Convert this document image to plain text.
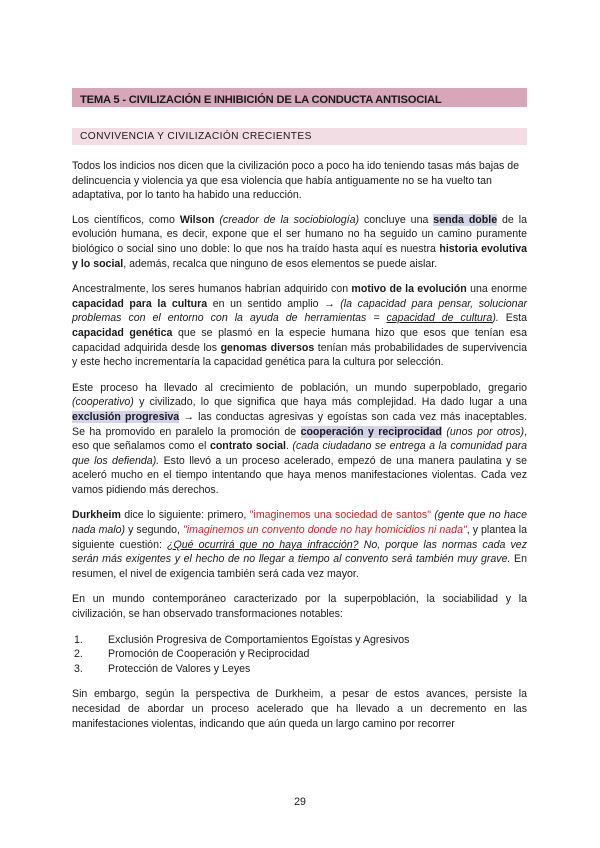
TEMA 5 - CIVILIZACIÓN E INHIBICIÓN DE LA CONDUCTA ANTISOCIAL
CONVIVENCIA Y CIVILIZACIÓN CRECIENTES

Todos los indicios nos dicen que la civilización poco a poco ha ido teniendo tasas más bajas de delincuencia y violencia ya que esa violencia que había antiguamente no se ha vuelto tan adaptativa, por lo tanto ha habido una reducción.

Los científicos, como Wilson (creador de la sociobiología) concluye una senda doble de la evolución humana, es decir, expone que el ser humano no ha seguido un camino puramente biológico o social sino uno doble: lo que nos ha traído hasta aquí es nuestra historia evolutiva y lo social, además, recalca que ninguno de esos elementos se puede aislar.

Ancestralmente, los seres humanos habrían adquirido con motivo de la evolución una enorme capacidad para la cultura en un sentido amplio → (la capacidad para pensar, solucionar problemas con el entorno con la ayuda de herramientas = capacidad de cultura). Esta capacidad genética que se plasmó en la especie humana hizo que esos que tenían esa capacidad adquirida desde los genomas diversos tenían más probabilidades de supervivencia y este hecho incrementaría la capacidad genética para la cultura por selección.

Este proceso ha llevado al crecimiento de población, un mundo superpoblado, gregario (cooperativo) y civilizado, lo que significa que haya más complejidad. Ha dado lugar a una exclusión progresiva → las conductas agresivas y egoístas son cada vez más inaceptables. Se ha promovido en paralelo la promoción de cooperación y reciprocidad (unos por otros), eso que señalamos como el contrato social. (cada ciudadano se entrega a la comunidad para que los defienda). Esto llevó a un proceso acelerado, empezó de una manera paulatina y se aceleró mucho en el tiempo intentando que haya menos manifestaciones violentas. Cada vez vamos pidiendo más derechos.

Durkheim dice lo siguiente: primero, "imaginemos una sociedad de santos" (gente que no hace nada malo) y segundo, "imaginemos un convento donde no hay homicidios ni nada", y plantea la siguiente cuestión: ¿Qué ocurrirá que no haya infracción? No, porque las normas cada vez serán más exigentes y el hecho de no llegar a tiempo al convento será también muy grave. En resumen, el nivel de exigencia también será cada vez mayor.

En un mundo contemporáneo caracterizado por la superpoblación, la sociabilidad y la civilización, se han observado transformaciones notables:

1.	Exclusión Progresiva de Comportamientos Egoístas y Agresivos
2.	Promoción de Cooperación y Reciprocidad
3.	Protección de Valores y Leyes

Sin embargo, según la perspectiva de Durkheim, a pesar de estos avances, persiste la necesidad de abordar un proceso acelerado que ha llevado a un decremento en las manifestaciones violentas, indicando que aún queda un largo camino por recorrer

29
